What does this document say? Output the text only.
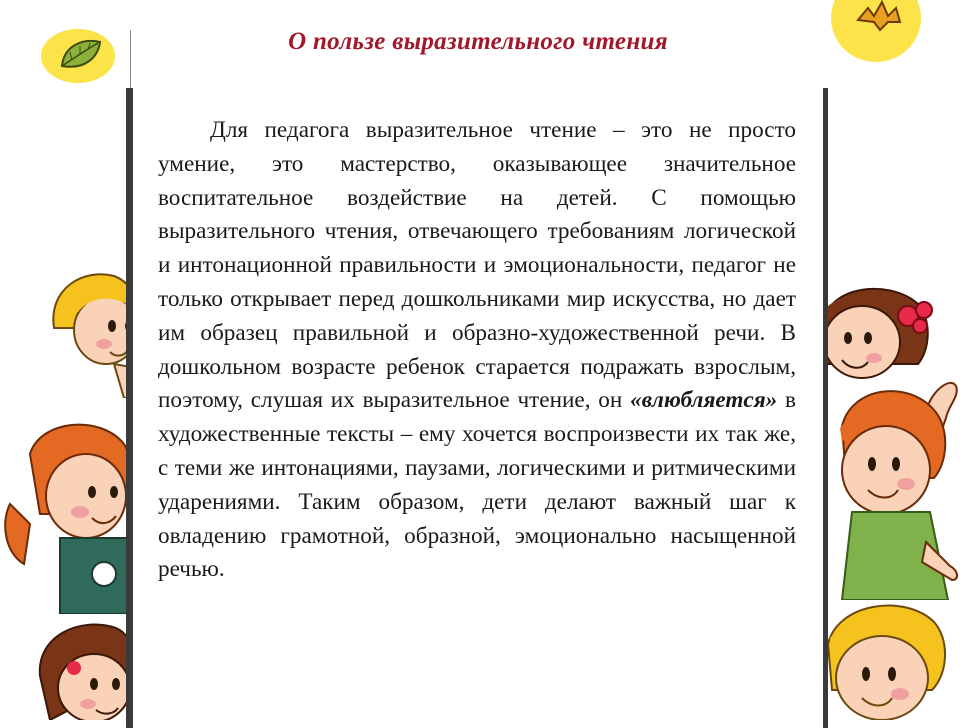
О пользе выразительного чтения

Для педагога выразительное чтение – это не просто умение, это мастерство, оказывающее значительное воспитательное воздействие на детей. С помощью выразительного чтения, отвечающего требованиям логической и интонационной правильности и эмоциональности, педагог не только открывает перед дошкольниками мир искусства, но дает им образец правильной и образно-художественной речи. В дошкольном возрасте ребенок старается подражать взрослым, поэтому, слушая их выразительное чтение, он «влюбляется» в художественные тексты – ему хочется воспроизвести их так же, с теми же интонациями, паузами, логическими и ритмическими ударениями. Таким образом, дети делают важный шаг к овладению грамотной, образной, эмоционально насыщенной речью.
